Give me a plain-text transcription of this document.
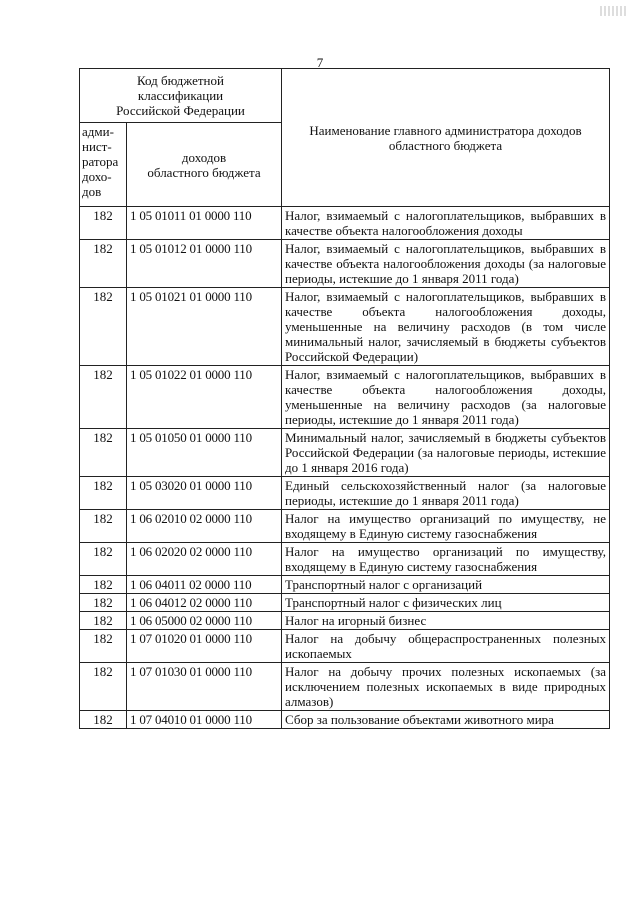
7
Код бюджетной
классификации
Российской Федерации		Наименование главного администратора доходов
областного бюджета
адми-
нист-
ратора
дохо-
дов	доходов
областного бюджета	
182	1 05 01011 01 0000 110	Налог, взимаемый с налогоплательщиков, выбравших в качестве объекта налогообложения доходы
182	1 05 01012 01 0000 110	Налог, взимаемый с налогоплательщиков, выбравших в качестве объекта налогообложения доходы (за налоговые периоды, истекшие до 1 января 2011 года)
182	1 05 01021 01 0000 110	Налог, взимаемый с налогоплательщиков, выбравших в качестве объекта налогообложения доходы, уменьшенные на величину расходов (в том числе минимальный налог, зачисляемый в бюджеты субъектов Российской Федерации)
182	1 05 01022 01 0000 110	Налог, взимаемый с налогоплательщиков, выбравших в качестве объекта налогообложения доходы, уменьшенные на величину расходов (за налоговые периоды, истекшие до 1 января 2011 года)
182	1 05 01050 01 0000 110	Минимальный налог, зачисляемый в бюджеты субъектов Российской Федерации (за налоговые периоды, истекшие до 1 января 2016 года)
182	1 05 03020 01 0000 110	Единый сельскохозяйственный налог (за налоговые периоды, истекшие до 1 января 2011 года)
182	1 06 02010 02 0000 110	Налог на имущество организаций по имуществу, не входящему в Единую систему газоснабжения
182	1 06 02020 02 0000 110	Налог на имущество организаций по имуществу, входящему в Единую систему газоснабжения
182	1 06 04011 02 0000 110	Транспортный налог с организаций
182	1 06 04012 02 0000 110	Транспортный налог с физических лиц
182	1 06 05000 02 0000 110	Налог на игорный бизнес
182	1 07 01020 01 0000 110	Налог на добычу общераспространенных полезных ископаемых
182	1 07 01030 01 0000 110	Налог на добычу прочих полезных ископаемых (за исключением полезных ископаемых в виде природных алмазов)
182	1 07 04010 01 0000 110	Сбор за пользование объектами животного мира
